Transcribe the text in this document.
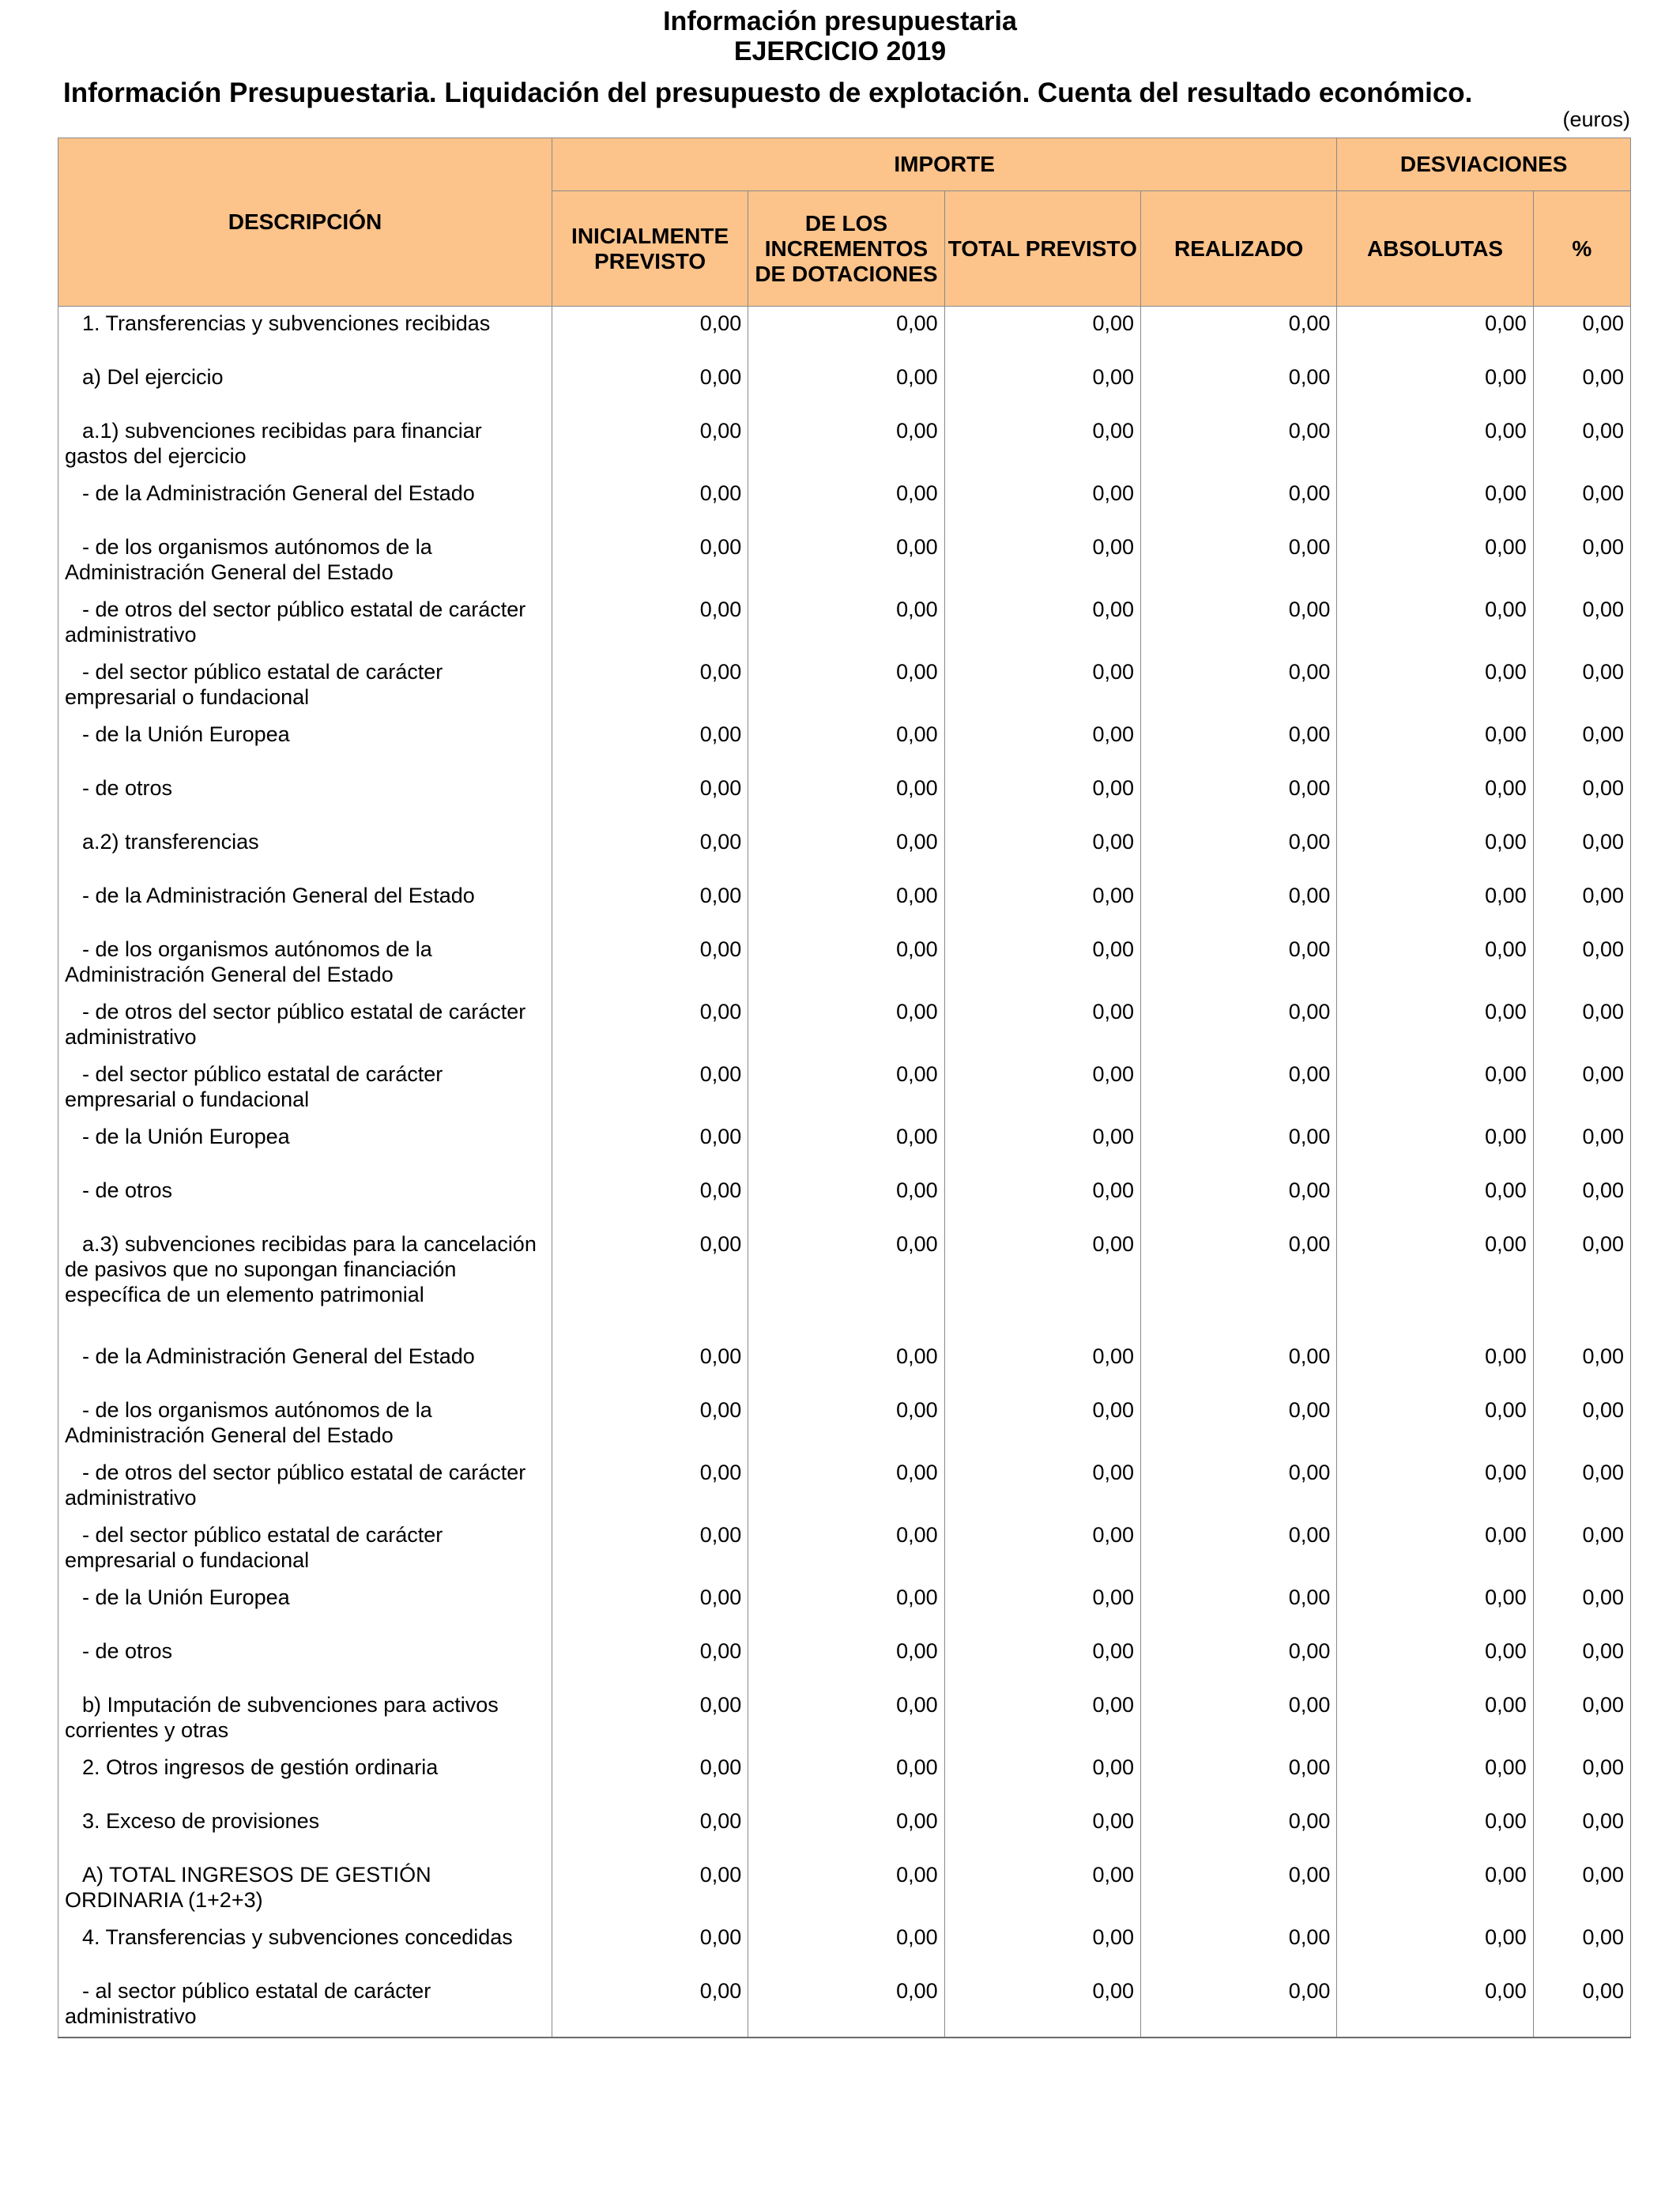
Información presupuestaria
EJERCICIO 2019
Información Presupuestaria. Liquidación del presupuesto de explotación. Cuenta del resultado económico.
(euros)
DESCRIPCIÓN	IMPORTE				DESVIACIONES	
	INICIALMENTE PREVISTO	DE LOS INCREMENTOS DE DOTACIONES	TOTAL PREVISTO	REALIZADO	ABSOLUTAS	%
1. Transferencias y subvenciones recibidas	0,00	0,00	0,00	0,00	0,00	0,00
a) Del ejercicio	0,00	0,00	0,00	0,00	0,00	0,00
a.1) subvenciones recibidas para financiar gastos del ejercicio	0,00	0,00	0,00	0,00	0,00	0,00
- de la Administración General del Estado	0,00	0,00	0,00	0,00	0,00	0,00
- de los organismos autónomos de la Administración General del Estado	0,00	0,00	0,00	0,00	0,00	0,00
- de otros del sector público estatal de carácter administrativo	0,00	0,00	0,00	0,00	0,00	0,00
- del sector público estatal de carácter empresarial o fundacional	0,00	0,00	0,00	0,00	0,00	0,00
- de la Unión Europea	0,00	0,00	0,00	0,00	0,00	0,00
- de otros	0,00	0,00	0,00	0,00	0,00	0,00
a.2) transferencias	0,00	0,00	0,00	0,00	0,00	0,00
- de la Administración General del Estado	0,00	0,00	0,00	0,00	0,00	0,00
- de los organismos autónomos de la Administración General del Estado	0,00	0,00	0,00	0,00	0,00	0,00
- de otros del sector público estatal de carácter administrativo	0,00	0,00	0,00	0,00	0,00	0,00
- del sector público estatal de carácter empresarial o fundacional	0,00	0,00	0,00	0,00	0,00	0,00
- de la Unión Europea	0,00	0,00	0,00	0,00	0,00	0,00
- de otros	0,00	0,00	0,00	0,00	0,00	0,00
a.3) subvenciones recibidas para la cancelación de pasivos que no supongan financiación específica de un elemento patrimonial	0,00	0,00	0,00	0,00	0,00	0,00
- de la Administración General del Estado	0,00	0,00	0,00	0,00	0,00	0,00
- de los organismos autónomos de la Administración General del Estado	0,00	0,00	0,00	0,00	0,00	0,00
- de otros del sector público estatal de carácter administrativo	0,00	0,00	0,00	0,00	0,00	0,00
- del sector público estatal de carácter empresarial o fundacional	0,00	0,00	0,00	0,00	0,00	0,00
- de la Unión Europea	0,00	0,00	0,00	0,00	0,00	0,00
- de otros	0,00	0,00	0,00	0,00	0,00	0,00
b) Imputación de subvenciones para activos corrientes y otras	0,00	0,00	0,00	0,00	0,00	0,00
2. Otros ingresos de gestión ordinaria	0,00	0,00	0,00	0,00	0,00	0,00
3. Exceso de provisiones	0,00	0,00	0,00	0,00	0,00	0,00
A) TOTAL INGRESOS DE GESTIÓN ORDINARIA (1+2+3)	0,00	0,00	0,00	0,00	0,00	0,00
4. Transferencias y subvenciones concedidas	0,00	0,00	0,00	0,00	0,00	0,00
- al sector público estatal de carácter administrativo	0,00	0,00	0,00	0,00	0,00	0,00
